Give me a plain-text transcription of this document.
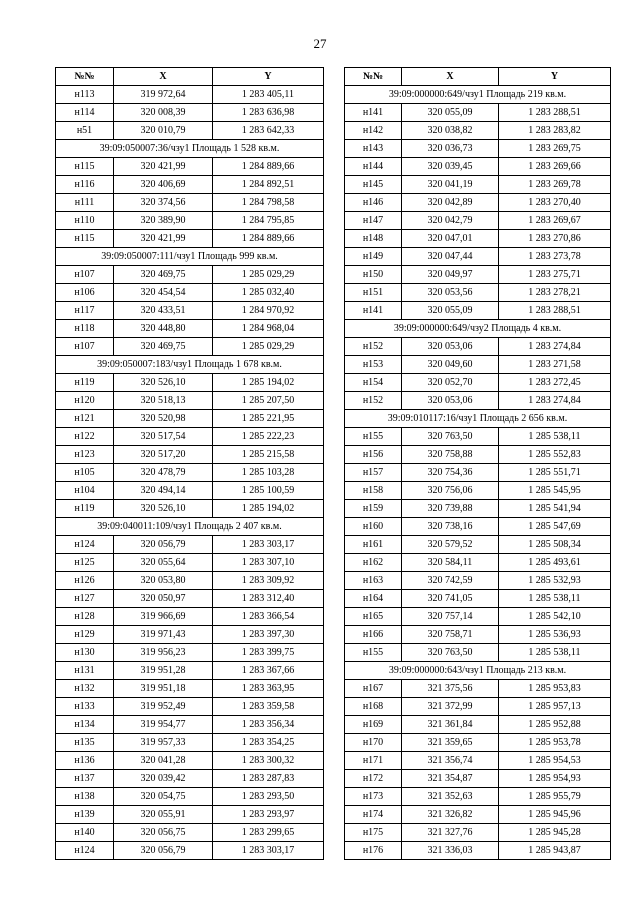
27
№№	X	Y
н113	319 972,64	1 283 405,11
н114	320 008,39	1 283 636,98
н51	320 010,79	1 283 642,33
39:09:050007:36/чзу1 Площадь 1 528 кв.м.		
н115	320 421,99	1 284 889,66
н116	320 406,69	1 284 892,51
н111	320 374,56	1 284 798,58
н110	320 389,90	1 284 795,85
н115	320 421,99	1 284 889,66
39:09:050007:111/чзу1 Площадь 999 кв.м.		
н107	320 469,75	1 285 029,29
н106	320 454,54	1 285 032,40
н117	320 433,51	1 284 970,92
н118	320 448,80	1 284 968,04
н107	320 469,75	1 285 029,29
39:09:050007:183/чзу1 Площадь 1 678 кв.м.		
н119	320 526,10	1 285 194,02
н120	320 518,13	1 285 207,50
н121	320 520,98	1 285 221,95
н122	320 517,54	1 285 222,23
н123	320 517,20	1 285 215,58
н105	320 478,79	1 285 103,28
н104	320 494,14	1 285 100,59
н119	320 526,10	1 285 194,02
39:09:040011:109/чзу1 Площадь 2 407 кв.м.		
н124	320 056,79	1 283 303,17
н125	320 055,64	1 283 307,10
н126	320 053,80	1 283 309,92
н127	320 050,97	1 283 312,40
н128	319 966,69	1 283 366,54
н129	319 971,43	1 283 397,30
н130	319 956,23	1 283 399,75
н131	319 951,28	1 283 367,66
н132	319 951,18	1 283 363,95
н133	319 952,49	1 283 359,58
н134	319 954,77	1 283 356,34
н135	319 957,33	1 283 354,25
н136	320 041,28	1 283 300,32
н137	320 039,42	1 283 287,83
н138	320 054,75	1 283 293,50
н139	320 055,91	1 283 293,97
н140	320 056,75	1 283 299,65
н124	320 056,79	1 283 303,17
№№	X	Y
39:09:000000:649/чзу1 Площадь 219 кв.м.		
н141	320 055,09	1 283 288,51
н142	320 038,82	1 283 283,82
н143	320 036,73	1 283 269,75
н144	320 039,45	1 283 269,66
н145	320 041,19	1 283 269,78
н146	320 042,89	1 283 270,40
н147	320 042,79	1 283 269,67
н148	320 047,01	1 283 270,86
н149	320 047,44	1 283 273,78
н150	320 049,97	1 283 275,71
н151	320 053,56	1 283 278,21
н141	320 055,09	1 283 288,51
39:09:000000:649/чзу2 Площадь 4 кв.м.		
н152	320 053,06	1 283 274,84
н153	320 049,60	1 283 271,58
н154	320 052,70	1 283 272,45
н152	320 053,06	1 283 274,84
39:09:010117:16/чзу1 Площадь 2 656 кв.м.		
н155	320 763,50	1 285 538,11
н156	320 758,88	1 285 552,83
н157	320 754,36	1 285 551,71
н158	320 756,06	1 285 545,95
н159	320 739,88	1 285 541,94
н160	320 738,16	1 285 547,69
н161	320 579,52	1 285 508,34
н162	320 584,11	1 285 493,61
н163	320 742,59	1 285 532,93
н164	320 741,05	1 285 538,11
н165	320 757,14	1 285 542,10
н166	320 758,71	1 285 536,93
н155	320 763,50	1 285 538,11
39:09:000000:643/чзу1 Площадь 213 кв.м.		
н167	321 375,56	1 285 953,83
н168	321 372,99	1 285 957,13
н169	321 361,84	1 285 952,88
н170	321 359,65	1 285 953,78
н171	321 356,74	1 285 954,53
н172	321 354,87	1 285 954,93
н173	321 352,63	1 285 955,79
н174	321 326,82	1 285 945,96
н175	321 327,76	1 285 945,28
н176	321 336,03	1 285 943,87
